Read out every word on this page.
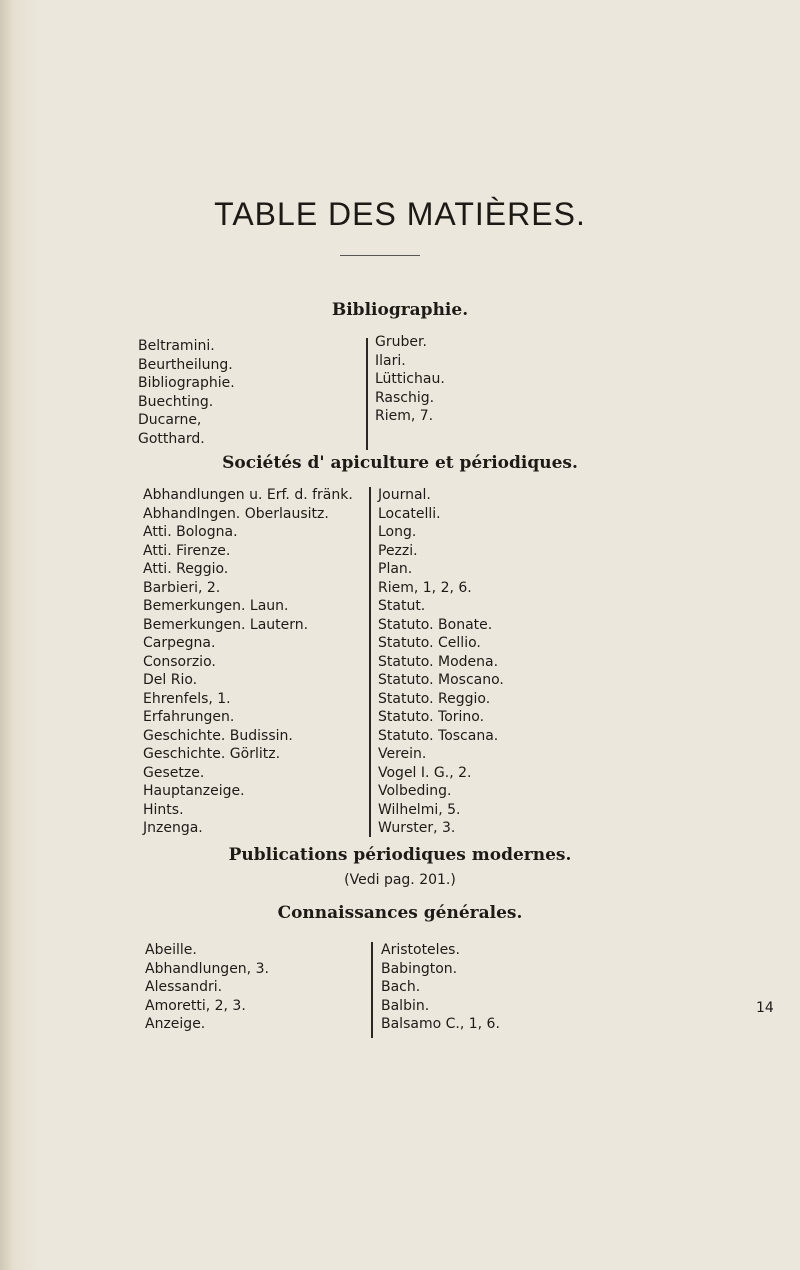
TABLE DES MATIÈRES.
Bibliographie.
Beltramini.
Beurtheilung.
Bibliographie.
Buechting.
Ducarne,
Gotthard.
Gruber.
Ilari.
Lüttichau.
Raschig.
Riem, 7.
Sociétés d' apiculture et périodiques.
Abhandlungen u. Erf. d. fränk.
Abhandlngen. Oberlausitz.
Atti. Bologna.
Atti. Firenze.
Atti. Reggio.
Barbieri, 2.
Bemerkungen. Laun.
Bemerkungen. Lautern.
Carpegna.
Consorzio.
Del Rio.
Ehrenfels, 1.
Erfahrungen.
Geschichte. Budissin.
Geschichte. Görlitz.
Gesetze.
Hauptanzeige.
Hints.
Jnzenga.
Journal.
Locatelli.
Long.
Pezzi.
Plan.
Riem, 1, 2, 6.
Statut.
Statuto. Bonate.
Statuto. Cellio.
Statuto. Modena.
Statuto. Moscano.
Statuto. Reggio.
Statuto. Torino.
Statuto. Toscana.
Verein.
Vogel I. G., 2.
Volbeding.
Wilhelmi, 5.
Wurster, 3.
Publications périodiques modernes.
(Vedi pag. 201.)
Connaissances générales.
Abeille.
Abhandlungen, 3.
Alessandri.
Amoretti, 2, 3.
Anzeige.
Aristoteles.
Babington.
Bach.
Balbin.
Balsamo C., 1, 6.
14
